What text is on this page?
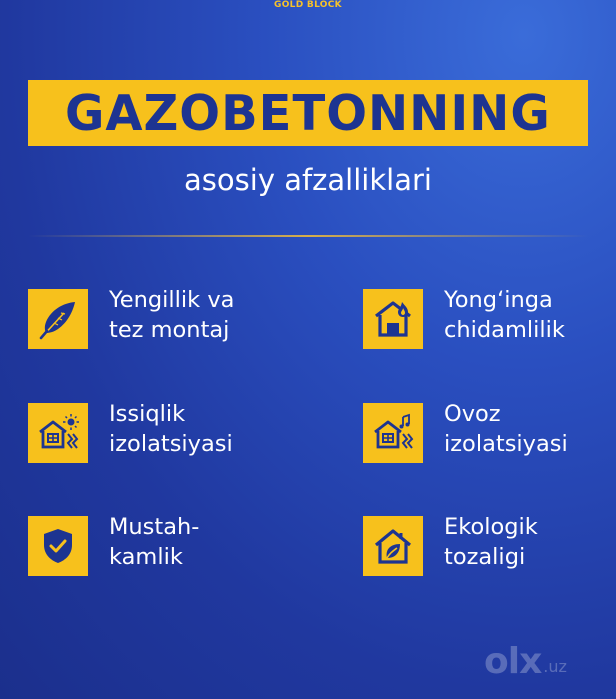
GOLD BLOCK
GAZOBETONNING
asosiy afzalliklari
Yengillik va
tez montaj
Yong‘inga
chidamlilik
Issiqlik
izolatsiyasi
Ovoz
izolatsiyasi
Mustah-
kamlik
Ekologik
tozaligi
olx .uz
